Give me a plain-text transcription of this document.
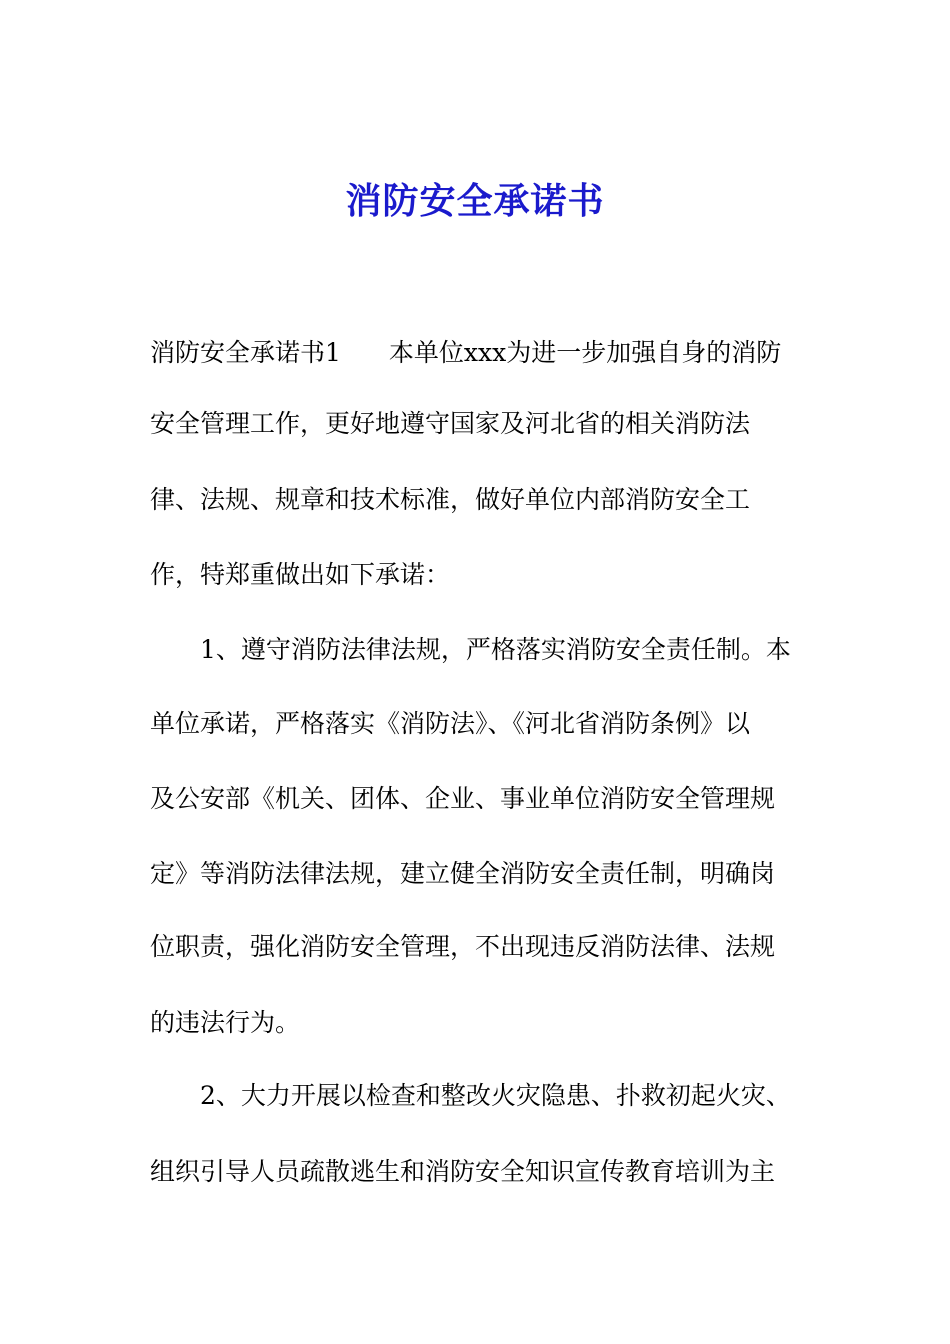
消防安全承诺书
消防安全承诺书1 本单位xxx为进一步加强自身的消防
安全管理工作，更好地遵守国家及河北省的相关消防法
律、法规、规章和技术标准，做好单位内部消防安全工
作，特郑重做出如下承诺：
1、遵守消防法律法规，严格落实消防安全责任制。本
单位承诺，严格落实《消防法》、《河北省消防条例》以
及公安部《机关、团体、企业、事业单位消防安全管理规
定》等消防法律法规，建立健全消防安全责任制，明确岗
位职责，强化消防安全管理，不出现违反消防法律、法规
的违法行为。
2、大力开展以检查和整改火灾隐患、扑救初起火灾、
组织引导人员疏散逃生和消防安全知识宣传教育培训为主
